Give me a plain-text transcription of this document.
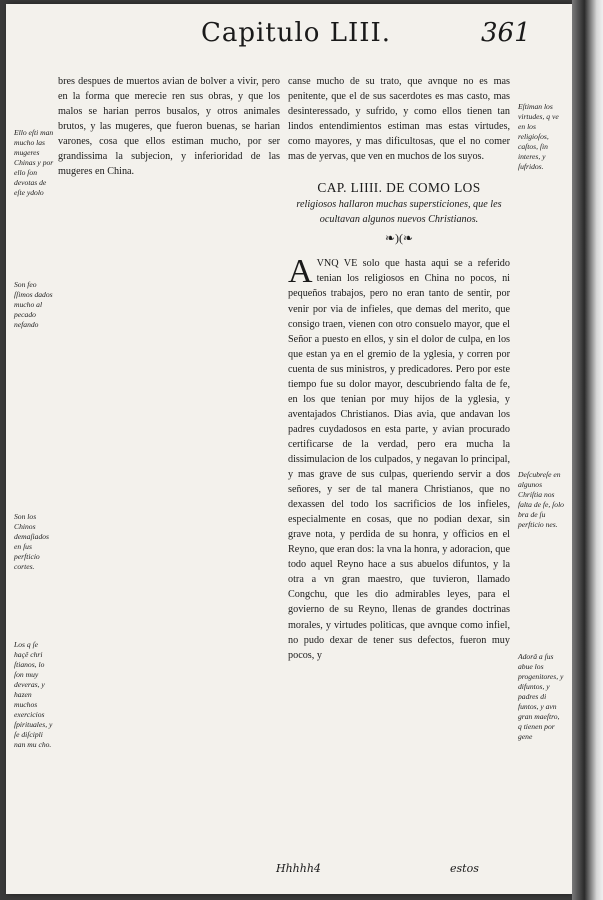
Capitulo LIII.	361
Ello eſti man mucho las mugeres Chinas y por ello ſon devotas de eſte ydolo
Son feo ſſimos dados mucho al pecado nefando
Son los Chinos demaſiados en ſus perfticio cortes.
Los q ſe haçê chri ſtianos, lo ſon muy deveras, y hazen muchos exercicios ſpirituales, y ſe diſcipli nan mu cho.

bres despues de muertos avian de bolver a vivir, pero en la forma que merecie ren sus obras, y que los malos se harian perros busalos, y otros animales brutos, y las mugeres, que fueron buenas, se harian varones, cosa que ellos estiman mucho, por ser grandissima la subjecion, y inferioridad de las mugeres en China.

canse mucho de su trato, que avnque no es mas penitente, que el de sus sacerdotes es mas casto, mas desinteressado, y sufrido, y como ellos tienen tan lindos entendimientos estiman mas estas virtudes, como mayores, y mas dificultosas, que el no comer mas de yervas, que ven en muchos de los suyos.

CAP. LIIII. DE COMO LOS
religiosos hallaron muchas supersticiones, que les ocultavan algunos nuevos Christianos.
❧)(❧

AVNQ VE solo que hasta aqui se a referido tenian los religiosos en China no pocos, ni pequeños trabajos, pero no eran tanto de sentir, por venir por via de infieles, que demas del merito, que consigo traen, vienen con otro consuelo mayor, que el Señor a puesto en ellos, y sin el dolor de culpa, en los que estan ya en el gremio de la yglesia, y corren por cuenta de sus ministros, y predicadores. Pero por este tiempo fue su dolor mayor, descubriendo falta de fe, en los que tenian por muy hijos de la yglesia, y aventajados Christianos. Dias avia, que andavan los padres cuydadosos en esta parte, y avian procurado certificarse de la verdad, pero era mucha la dissimulacion de los culpados, y negavan lo principal, y mas grave de sus culpas, queriendo servir a dos señores, y ser de tal manera Christianos, que no dexassen del todo los sacrificios de los infieles, especialmente en cosas, que no podian dexar, sin grave nota, y perdida de su honra, y officios en el Reyno, que eran dos: la vna la honra, y adoracion, que todo aquel Reyno hace a sus abuelos difuntos, y la otra a vn gran maestro, que tuvieron, llamado Congchu, que les dio admirables leyes, para el govierno de su Reyno, llenas de grandes doctrinas morales, y virtudes politicas, que avnque como infiel, no pudo dexar de tener sus defectos, fueron muy pocos, y

Eſtiman los virtudes, q ve en los religioſos, caſtos, ſin interes, y ſufridos.
Deſcubreſe en algunos Chriſtia nos falta de fe, ſolo bra de ſu perfticio nes.
Adorâ a ſus abue los progenitores, y difuntos, y padres di funtos, y avn gran maeſtro, q tienen por gene
Hhhhh4	estos
